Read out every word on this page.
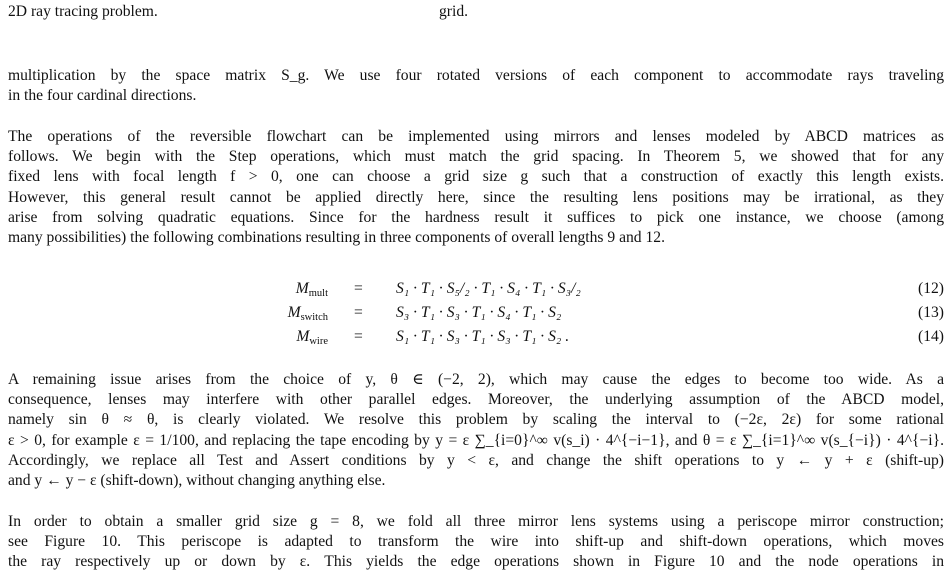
2D ray tracing problem.	grid.
multiplication by the space matrix S_g. We use four rotated versions of each component to accommodate rays traveling
in the four cardinal directions.
The operations of the reversible flowchart can be implemented using mirrors and lenses modeled by ABCD matrices as
follows. We begin with the Step operations, which must match the grid spacing. In Theorem 5, we showed that for any
fixed lens with focal length f > 0, one can choose a grid size g such that a construction of exactly this length exists.
However, this general result cannot be applied directly here, since the resulting lens positions may be irrational, as they
arise from solving quadratic equations. Since for the hardness result it suffices to pick one instance, we choose (among
many possibilities) the following combinations resulting in three components of overall lengths 9 and 12.
$M_{mult} = S_1 \cdot T_1 \cdot S_5/_2 \cdot T_1 \cdot S_4 \cdot T_1 \cdot S_3/_2$	(12)
$M_{switch} = S_3 \cdot T_1 \cdot S_3 \cdot T_1 \cdot S_4 \cdot T_1 \cdot S_2$	(13)
$M_{wire} = S_1 \cdot T_1 \cdot S_3 \cdot T_1 \cdot S_3 \cdot T_1 \cdot S_2$ .	(14)
A remaining issue arises from the choice of y, θ ∈ (−2, 2), which may cause the edges to become too wide. As a
consequence, lenses may interfere with other parallel edges. Moreover, the underlying assumption of the ABCD model,
namely sin θ ≈ θ, is clearly violated. We resolve this problem by scaling the interval to (−2ε, 2ε) for some rational
ε > 0, for example ε = 1/100, and replacing the tape encoding by y = ε ∑_{i=0}^∞ v(s_i) · 4^{−i−1}, and θ = ε ∑_{i=1}^∞ v(s_{−i}) · 4^{−i}.
Accordingly, we replace all Test and Assert conditions by y < ε, and change the shift operations to y ← y + ε (shift-up)
and y ← y − ε (shift-down), without changing anything else.
In order to obtain a smaller grid size g = 8, we fold all three mirror lens systems using a periscope mirror construction;
see Figure 10. This periscope is adapted to transform the wire into shift-up and shift-down operations, which moves
the ray respectively up or down by ε. This yields the edge operations shown in Figure 10 and the node operations in
